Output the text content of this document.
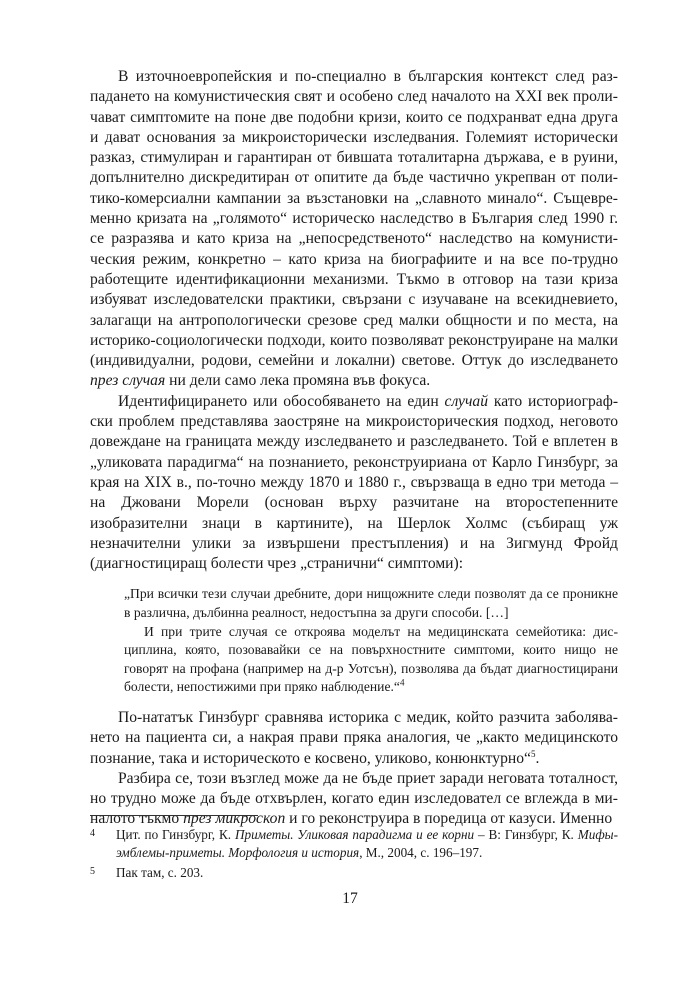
В източноевропейския и по-специално в българския контекст след разпадането на комунистическия свят и особено след началото на XXI век проличават симптомите на поне две подобни кризи, които се подхранват една друга и дават основания за микроисторически изследвания. Големият исторически разказ, стимулиран и гарантиран от бившата тоталитарна държава, е в руини, допълнително дискредитиран от опитите да бъде частично укрепван от политико-комерсиални кампании за възстановки на „славното минало“. Същевременно кризата на „голямото“ историческо наследство в България след 1990 г. се разразява и като криза на „непосредственото“ наследство на комунистическия режим, конкретно – като криза на биографиите и на все по-трудно работещите идентификационни механизми. Тъкмо в отговор на тази криза избуяват изследователски практики, свързани с изучаване на всекидневието, залагащи на антропологически срезове сред малки общности и по места, на историко-социологически подходи, които позволяват реконструиране на малки (индивидуални, родови, семейни и локални) светове. Оттук до изследването през случая ни дели само лека промяна във фокуса.

Идентифицирането или обособяването на един случай като историографски проблем представлява заостряне на микроисторическия подход, неговото довеждане на границата между изследването и разследването. Той е вплетен в „уликовата парадигма“ на познанието, реконструириана от Карло Гинзбург, за края на XIX в., по-точно между 1870 и 1880 г., свързваща в едно три метода – на Джовани Морели (основан върху разчитане на второстепенните изобразителни знаци в картините), на Шерлок Холмс (събиращ уж незначителни улики за извършени престъпления) и на Зигмунд Фройд (диагностициращ болести чрез „странични“ симптоми):

„При всички тези случаи дребните, дори нищожните следи позволят да се проникне в различна, дълбинна реалност, недостъпна за други способи. […]

И при трите случая се откроява моделът на медицинската семейотика: дисциплина, която, позовавайки се на повърхностните симптоми, които нищо не говорят на профана (например на д-р Уотсън), позволява да бъдат диагностицирани болести, непостижими при пряко наблюдение.“$^4$

По-нататък Гинзбург сравнява историка с медик, който разчита заболяването на пациента си, а накрая прави пряка аналогия, че „както медицинското познание, така и историческото е косвено, уликово, конюнктурно“$^5$.

Разбира се, този възглед може да не бъде приет заради неговата тоталност, но трудно може да бъде отхвърлен, когато един изследовател се вглежда в миналото тъкмо през микроскоп и го реконструира в поредица от казуси. Именно

4	Цит. по Гинзбург, К. Приметы. Уликовая парадигма и ее корни – В: Гинзбург, К. Мифы-эмблемы-приметы. Морфология и история, М., 2004, с. 196–197.
5	Пак там, с. 203.
17
